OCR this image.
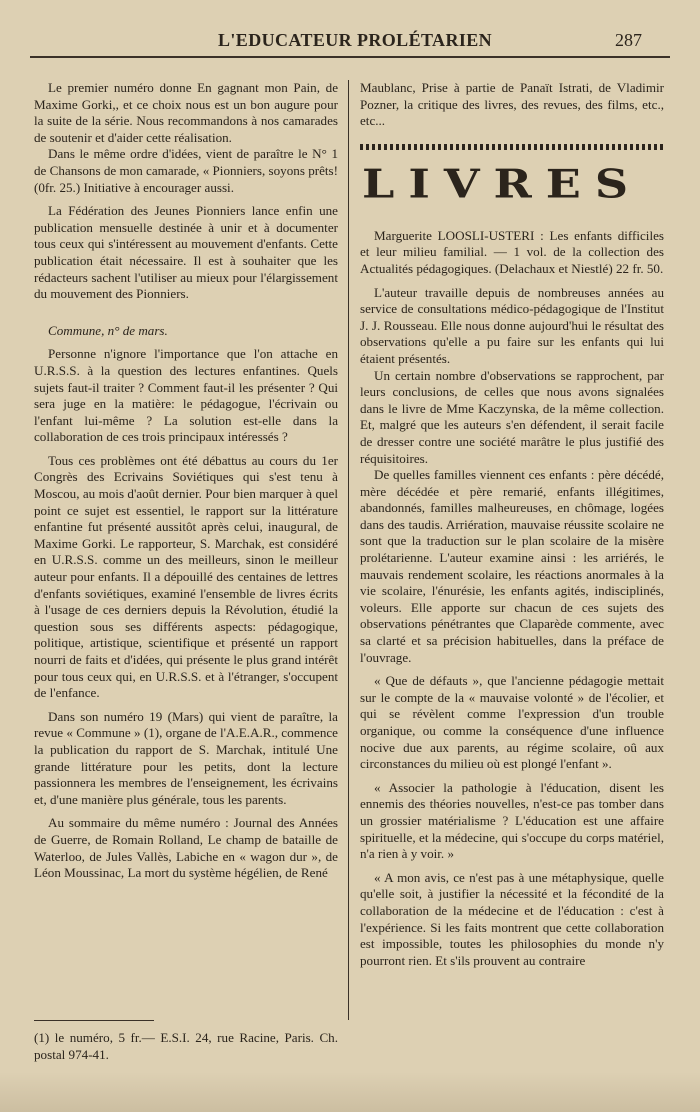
L'EDUCATEUR PROLÉTARIEN	287

Le premier numéro donne En gagnant mon Pain, de Maxime Gorki,, et ce choix nous est un bon augure pour la suite de la série. Nous recommandons à nos camarades de soutenir et d'aider cette réalisation.

Dans le même ordre d'idées, vient de paraître le N° 1 de Chansons de mon camarade, « Pionniers, soyons prêts! (0fr. 25.) Initiative à encourager aussi.

La Fédération des Jeunes Pionniers lance enfin une publication mensuelle destinée à unir et à documenter tous ceux qui s'intéressent au mouvement d'enfants. Cette publication était nécessaire. Il est à souhaiter que les rédacteurs sachent l'utiliser au mieux pour l'élargissement du mouvement des Pionniers.

Commune, n° de mars.

Personne n'ignore l'importance que l'on attache en U.R.S.S. à la question des lectures enfantines. Quels sujets faut-il traiter ? Comment faut-il les présenter ? Qui sera juge en la matière: le pédagogue, l'écrivain ou l'enfant lui-même ? La solution est-elle dans la collaboration de ces trois principaux intéressés ?

Tous ces problèmes ont été débattus au cours du 1er Congrès des Ecrivains Soviétiques qui s'est tenu à Moscou, au mois d'août dernier. Pour bien marquer à quel point ce sujet est essentiel, le rapport sur la littérature enfantine fut présenté aussitôt après celui, inaugural, de Maxime Gorki. Le rapporteur, S. Marchak, est considéré en U.R.S.S. comme un des meilleurs, sinon le meilleur auteur pour enfants. Il a dépouillé des centaines de lettres d'enfants soviétiques, examiné l'ensemble de livres écrits à l'usage de ces derniers depuis la Révolution, étudié la question sous ses différents aspects: pédagogique, politique, artistique, scientifique et présenté un rapport nourri de faits et d'idées, qui présente le plus grand intérêt pour tous ceux qui, en U.R.S.S. et à l'étranger, s'occupent de l'enfance.

Dans son numéro 19 (Mars) qui vient de paraître, la revue « Commune » (1), organe de l'A.E.A.R., commence la publication du rapport de S. Marchak, intitulé Une grande littérature pour les petits, dont la lecture passionnera les membres de l'enseignement, les écrivains et, d'une manière plus générale, tous les parents.

Au sommaire du même numéro : Journal des Années de Guerre, de Romain Rolland, Le champ de bataille de Waterloo, de Jules Vallès, Labiche en « wagon dur », de Léon Moussinac, La mort du système hégélien, de René

Maublanc, Prise à partie de Panaït Istrati, de Vladimir Pozner, la critique des livres, des revues, des films, etc., etc...

LIVRES

Marguerite LOOSLI-USTERI : Les enfants difficiles et leur milieu familial. — 1 vol. de la collection des Actualités pédagogiques. (Delachaux et Niestlé) 22 fr. 50.

L'auteur travaille depuis de nombreuses années au service de consultations médico-pédagogique de l'Institut J. J. Rousseau. Elle nous donne aujourd'hui le résultat des observations qu'elle a pu faire sur les enfants qui lui étaient présentés.

Un certain nombre d'observations se rapprochent, par leurs conclusions, de celles que nous avons signalées dans le livre de Mme Kaczynska, de la même collection. Et, malgré que les auteurs s'en défendent, il serait facile de dresser contre une société marâtre le plus justifié des réquisitoires.

De quelles familles viennent ces enfants : père décédé, mère décédée et père remarié, enfants illégitimes, abandonnés, familles malheureuses, en chômage, logées dans des taudis. Arriération, mauvaise réussite scolaire ne sont que la traduction sur le plan scolaire de la misère prolétarienne. L'auteur examine ainsi : les arriérés, le mauvais rendement scolaire, les réactions anormales à la vie scolaire, l'énurésie, les enfants agités, indisciplinés, voleurs. Elle apporte sur chacun de ces sujets des observations pénétrantes que Claparède commente, avec sa clarté et sa précision habituelles, dans la préface de l'ouvrage.

« Que de défauts », que l'ancienne pédagogie mettait sur le compte de la « mauvaise volonté » de l'écolier, et qui se révèlent comme l'expression d'un trouble organique, ou comme la conséquence d'une influence nocive due aux parents, au régime scolaire, oû aux circonstances du milieu où est plongé l'enfant ».

« Associer la pathologie à l'éducation, disent les ennemis des théories nouvelles, n'est-ce pas tomber dans un grossier matérialisme ? L'éducation est une affaire spirituelle, et la médecine, qui s'occupe du corps matériel, n'a rien à y voir. »

« A mon avis, ce n'est pas à une métaphysique, quelle qu'elle soit, à justifier la nécessité et la fécondité de la collaboration de la médecine et de l'éducation : c'est à l'expérience. Si les faits montrent que cette collaboration est impossible, toutes les philosophies du monde n'y pourront rien. Et s'ils prouvent au contraire

(1) le numéro, 5 fr.— E.S.I. 24, rue Racine, Paris. Ch. postal 974-41.
